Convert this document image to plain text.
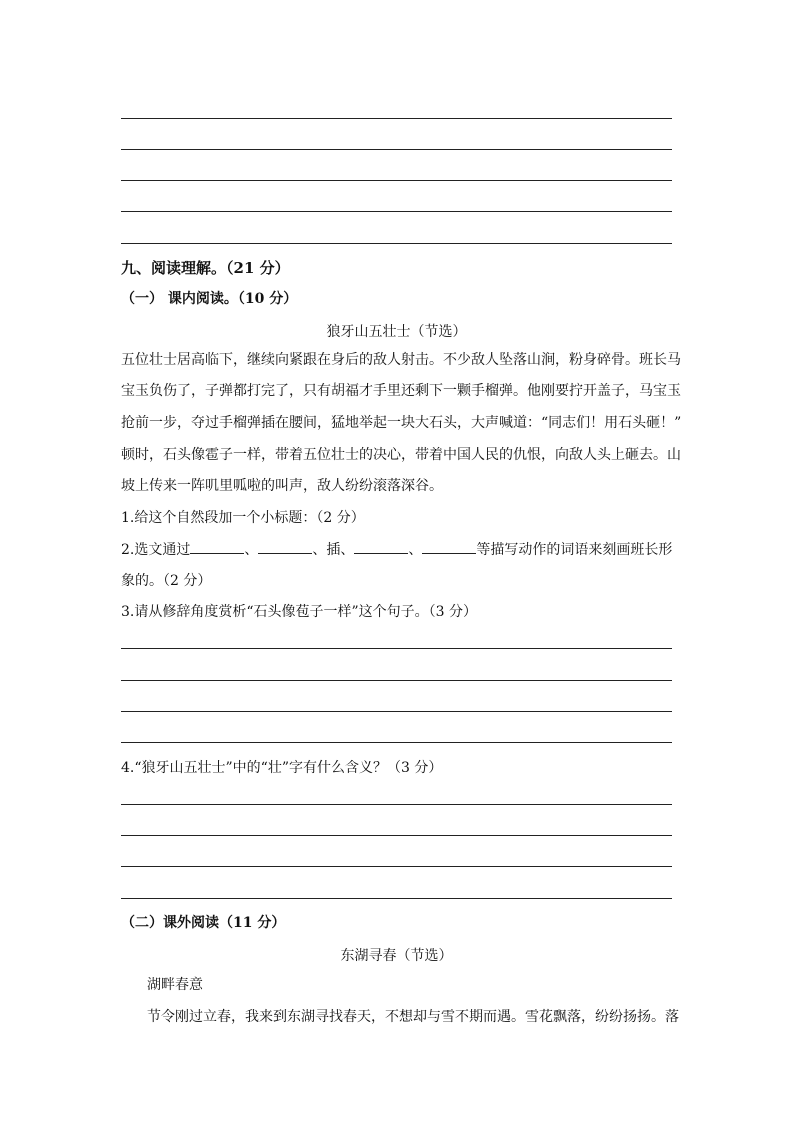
九、阅读理解。（21 分）
（一） 课内阅读。（10 分）
狼牙山五壮士（节选）
五位壮士居高临下，继续向紧跟在身后的敌人射击。不少敌人坠落山涧，粉身碎骨。班长马
宝玉负伤了，子弹都打完了，只有胡福才手里还剩下一颗手榴弹。他刚要拧开盖子，马宝玉
抢前一步，夺过手榴弹插在腰间，猛地举起一块大石头，大声喊道：“同志们！用石头砸！”
顿时，石头像雹子一样，带着五位壮士的决心，带着中国人民的仇恨，向敌人头上砸去。山
坡上传来一阵叽里呱啦的叫声，敌人纷纷滚落深谷。
1.给这个自然段加一个小标题：（2 分）
2.选文通过	、	、插、	、	等描写动作的词语来刻画班长形
象的。（2 分）
3.请从修辞角度赏析“石头像苞子一样”这个句子。（3 分）
4.“狼牙山五壮士”中的“壮”字有什么含义？（3 分）
（二）课外阅读（11 分）
东湖寻春（节选）
湖畔春意
节令刚过立春，我来到东湖寻找春天，不想却与雪不期而遇。雪花飘落，纷纷扬扬。落
